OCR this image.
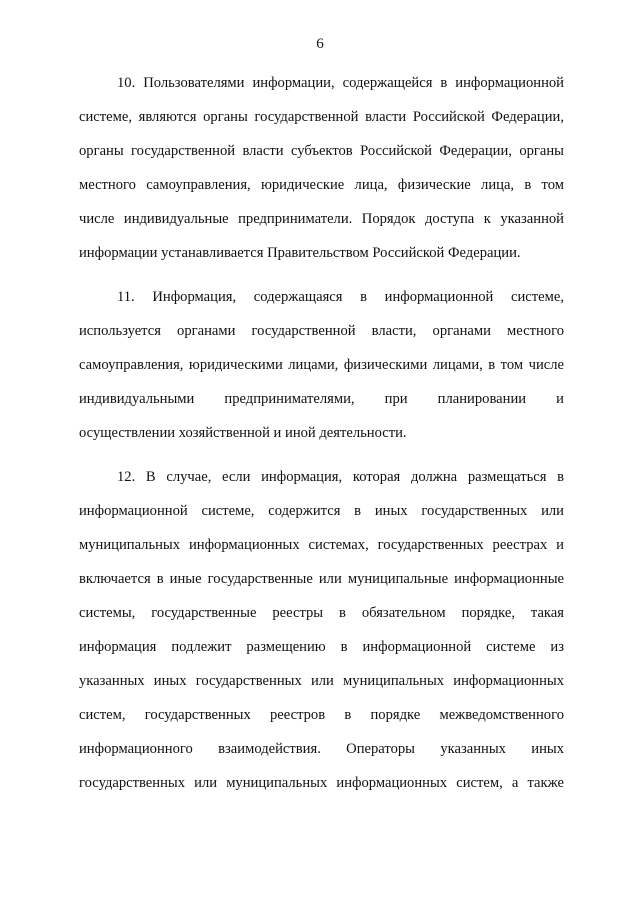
6
10. Пользователями информации, содержащейся в информационной
системе, являются органы государственной власти Российской Федерации,
органы государственной власти субъектов Российской Федерации, органы
местного самоуправления, юридические лица, физические лица, в том
числе индивидуальные предприниматели. Порядок доступа к указанной
информации устанавливается Правительством Российской Федерации.
11. Информация, содержащаяся в информационной системе,
используется органами государственной власти, органами местного
самоуправления, юридическими лицами, физическими лицами, в том числе
индивидуальными предпринимателями, при планировании и
осуществлении хозяйственной и иной деятельности.
12. В случае, если информация, которая должна размещаться в
информационной системе, содержится в иных государственных или
муниципальных информационных системах, государственных реестрах и
включается в иные государственные или муниципальные информационные
системы, государственные реестры в обязательном порядке, такая
информация подлежит размещению в информационной системе из
указанных иных государственных или муниципальных информационных
систем, государственных реестров в порядке межведомственного
информационного взаимодействия. Операторы указанных иных
государственных или муниципальных информационных систем, а также
